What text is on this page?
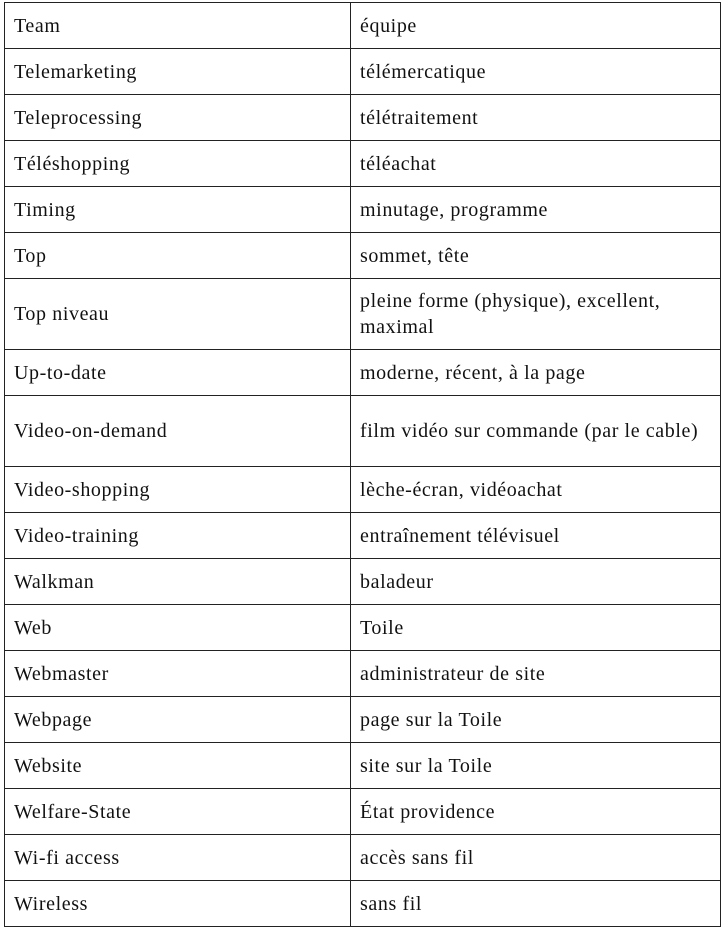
Team	équipe
Telemarketing	télémercatique
Teleprocessing	télétraitement
Téléshopping	téléachat
Timing	minutage, programme
Top	sommet, tête
Top niveau	pleine forme (physique), excellent, maximal
Up-to-date	moderne, récent, à la page
Video-on-demand	film vidéo sur commande (par le cable)
Video-shopping	lèche-écran, vidéoachat
Video-training	entraînement télévisuel
Walkman	baladeur
Web	Toile
Webmaster	administrateur de site
Webpage	page sur la Toile
Website	site sur la Toile
Welfare-State	État providence
Wi-fi access	accès sans fil
Wireless	sans fil
